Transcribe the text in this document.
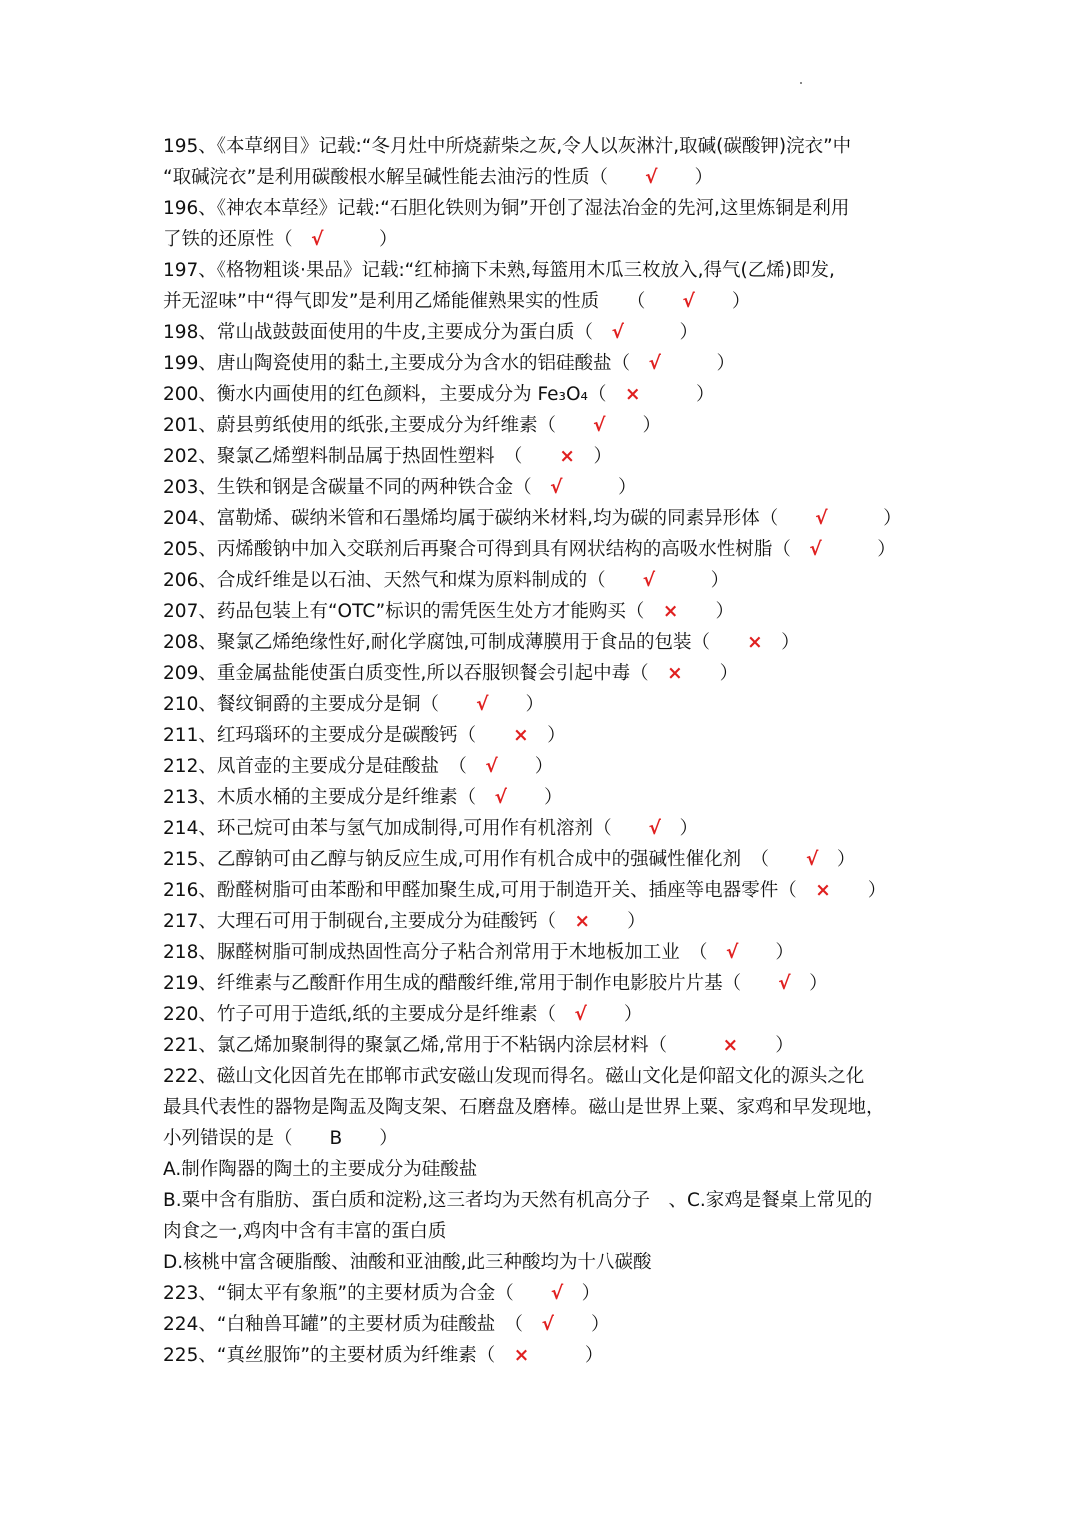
195、《本草纲目》记载:“冬月灶中所烧薪柴之灰,令人以灰淋汁,取碱(碳酸钾)浣衣”中
“取碱浣衣”是利用碳酸根水解呈碱性能去油污的性质（　　 √　　 ）
196、《神农本草经》记载:“石胆化铁则为铜”开创了湿法冶金的先河,这里炼铜是利用
了铁的还原性（　 √　　　	）
197、《格物粗谈·果品》记载:“红柿摘下未熟,每篮用木瓜三枚放入,得气(乙烯)即发,
并无涩味”中“得气即发”是利用乙烯能催熟果实的性质　　 （　　 √　　 ）
198、常山战鼓鼓面使用的牛皮,主要成分为蛋白质（　 √　　　	）
199、唐山陶瓷使用的黏土,主要成分为含水的铝硅酸盐（　 √　　　	）
200、衡水内画使用的红色颜料，主要成分为 Fe₃O₄（　 ×　　　	）
201、蔚县剪纸使用的纸张,主要成分为纤维素（　　 √　　 ）
202、聚氯乙烯塑料制品属于热固性塑料　 （　　 ×　 ）
203、生铁和钢是含碳量不同的两种铁合金（　 √　　　	）
204、富勒烯、碳纳米管和石墨烯均属于碳纳米材料,均为碳的同素异形体（　　 √　　　	）
205、丙烯酸钠中加入交联剂后再聚合可得到具有网状结构的高吸水性树脂（　 √　　　	）
206、合成纤维是以石油、天然气和煤为原料制成的（　　 √　　　	）
207、药品包装上有“OTC”标识的需凭医生处方才能购买（　 ×　　 ）
208、聚氯乙烯绝缘性好,耐化学腐蚀,可制成薄膜用于食品的包装（　　 ×　 ）
209、重金属盐能使蛋白质变性,所以吞服钡餐会引起中毒（　 ×　　 ）
210、餐纹铜爵的主要成分是铜（　　 √　　 ）
211、红玛瑙环的主要成分是碳酸钙（　　 ×　 ）
212、凤首壶的主要成分是硅酸盐　 （　 √　　 ）
213、木质水桶的主要成分是纤维素（　 √　　 ）
214、环己烷可由苯与氢气加成制得,可用作有机溶剂（　　 √　 ）
215、乙醇钠可由乙醇与钠反应生成,可用作有机合成中的强碱性催化剂　 （　　 √　 ）
216、酚醛树脂可由苯酚和甲醛加聚生成,可用于制造开关、插座等电器零件（　 ×　　 ）
217、大理石可用于制砚台,主要成分为硅酸钙（　 ×　　 ）
218、脲醛树脂可制成热固性高分子粘合剂常用于木地板加工业　 （　 √　　 ）
219、纤维素与乙酸酐作用生成的醋酸纤维,常用于制作电影胶片片基（　　 √　 ）
220、竹子可用于造纸,纸的主要成分是纤维素（　 √　　 ）
221、氯乙烯加聚制得的聚氯乙烯,常用于不粘锅内涂层材料（　　　	×　　 ）
222、磁山文化因首先在邯郸市武安磁山发现而得名。磁山文化是仰韶文化的源头之化
最具代表性的器物是陶盂及陶支架、石磨盘及磨棒。磁山是世界上粟、家鸡和早发现地，
小列错误的是（　　B　　）
A.制作陶器的陶土的主要成分为硅酸盐
B.粟中含有脂肪、蛋白质和淀粉,这三者均为天然有机高分子　、C.家鸡是餐桌上常见的
肉食之一,鸡肉中含有丰富的蛋白质
D.核桃中富含硬脂酸、油酸和亚油酸,此三种酸均为十八碳酸
223、“铜太平有象瓶”的主要材质为合金（　　 √　 ）
224、“白釉兽耳罐”的主要材质为硅酸盐　 （　 √　　 ）
225、“真丝服饰”的主要材质为纤维素（　 ×　　　	）
